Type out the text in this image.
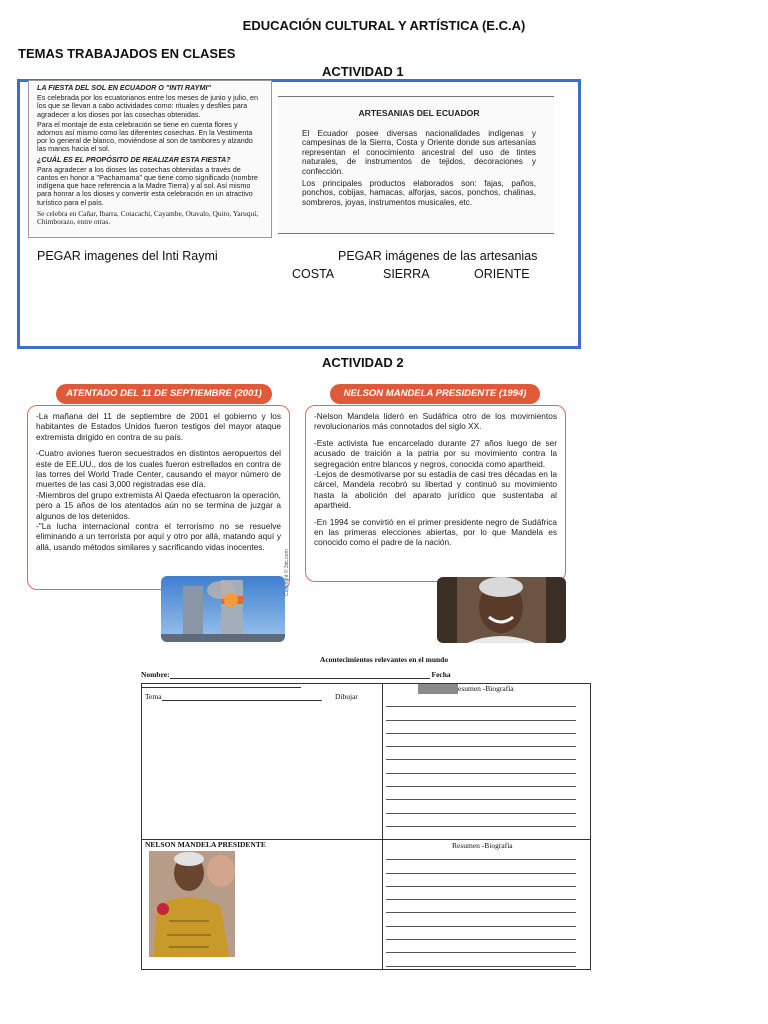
EDUCACIÓN CULTURAL Y ARTÍSTICA (E.C.A)
TEMAS TRABAJADOS EN CLASES
ACTIVIDAD 1

LA FIESTA DEL SOL EN ECUADOR O "INTI RAYMI"

Es celebrada por los ecuatorianos entre los meses de junio y julio, en los que se llevan a cabo actividades como: rituales y desfiles para agradecer a los dioses por las cosechas obtenidas.

Para el montaje de esta celebración se tiene en cuenta flores y adornos así mismo como las diferentes cosechas. En la Vestimenta por lo general de blanco, moviéndose al son de tambores y alzando las manos hacia el sol.

¿CUÁL ES EL PROPÓSITO DE REALIZAR ESTA FIESTA?

Para agradecer a los dioses las cosechas obtenidas a través de cantos en honor a "Pachamama" que tiene como significado (nombre indígena que hace referencia a la Madre Tierra) y al sol. Así mismo para honrar a los dioses y convertir esta celebración en un atractivo turístico para el país.

Se celebra en Cañar, Ibarra, Cotacachi, Cayambe, Otavalo, Quito, Yaruquí, Chimborazo, entre otras.

ARTESANIAS DEL ECUADOR

El Ecuador posee diversas nacionalidades indígenas y campesinas de la Sierra, Costa y Oriente donde sus artesanías representan el conocimiento ancestral del uso de tintes naturales, de instrumentos de tejidos, decoraciones y confección.

Los principales productos elaborados son: fajas, paños, ponchos, cobijas, hamacas, alforjas, sacos, ponchos, chalinas, sombreros, joyas, instrumentos musicales, etc.

PEGAR imagenes del Inti Raymi	PEGAR imágenes de las artesanias
COSTA	SIERRA	ORIENTE
ACTIVIDAD 2
ATENTADO DEL 11 DE SEPTIEMBRE (2001)	NELSON MANDELA PRESIDENTE (1994)

-La mañana del 11 de septiembre de 2001 el gobierno y los habitantes de Estados Unidos fueron testigos del mayor ataque extremista dirigido en contra de su país.

-Cuatro aviones fueron secuestrados en distintos aeropuertos del este de EE.UU., dos de los cuales fueron estrellados en contra de las torres del World Trade Center, causando el mayor número de muertes de las casi 3,000 registradas ese día.

-Miembros del grupo extremista Al Qaeda efectuaron la operación, pero a 15 años de los atentados aún no se termina de juzgar a algunos de los detenidos.

-"La lucha internacional contra el terrorismo no se resuelve eliminando a un terrorista por aquí y otro por allá, matando aquí y allá, usando métodos similares y sacrificando vidas inocentes.

-Nelson Mandela lideró en Sudáfrica otro de los movimientos revolucionarios más connotados del siglo XX.

-Este activista fue encarcelado durante 27 años luego de ser acusado de traición a la patria por su movimiento contra la segregación entre blancos y negros, conocida como apartheid.

-Lejos de desmotivarse por su estadía de casi tres décadas en la cárcel, Mandela recobró su libertad y continuó su movimiento hasta la abolición del aparato jurídico que sustentaba al apartheid.

-En 1994 se convirtió en el primer presidente negro de Sudáfrica en las primeras elecciones abiertas, por lo que Mandela es conocido como el padre de la nación.

Copyright © 3dc.com
Acontecimientos relevantes en el mundo
Nombre:	Fecha
Tema	Dibujar
esumen -Biografía
NELSON MANDELA PRESIDENTE	Resumen -Biografía
